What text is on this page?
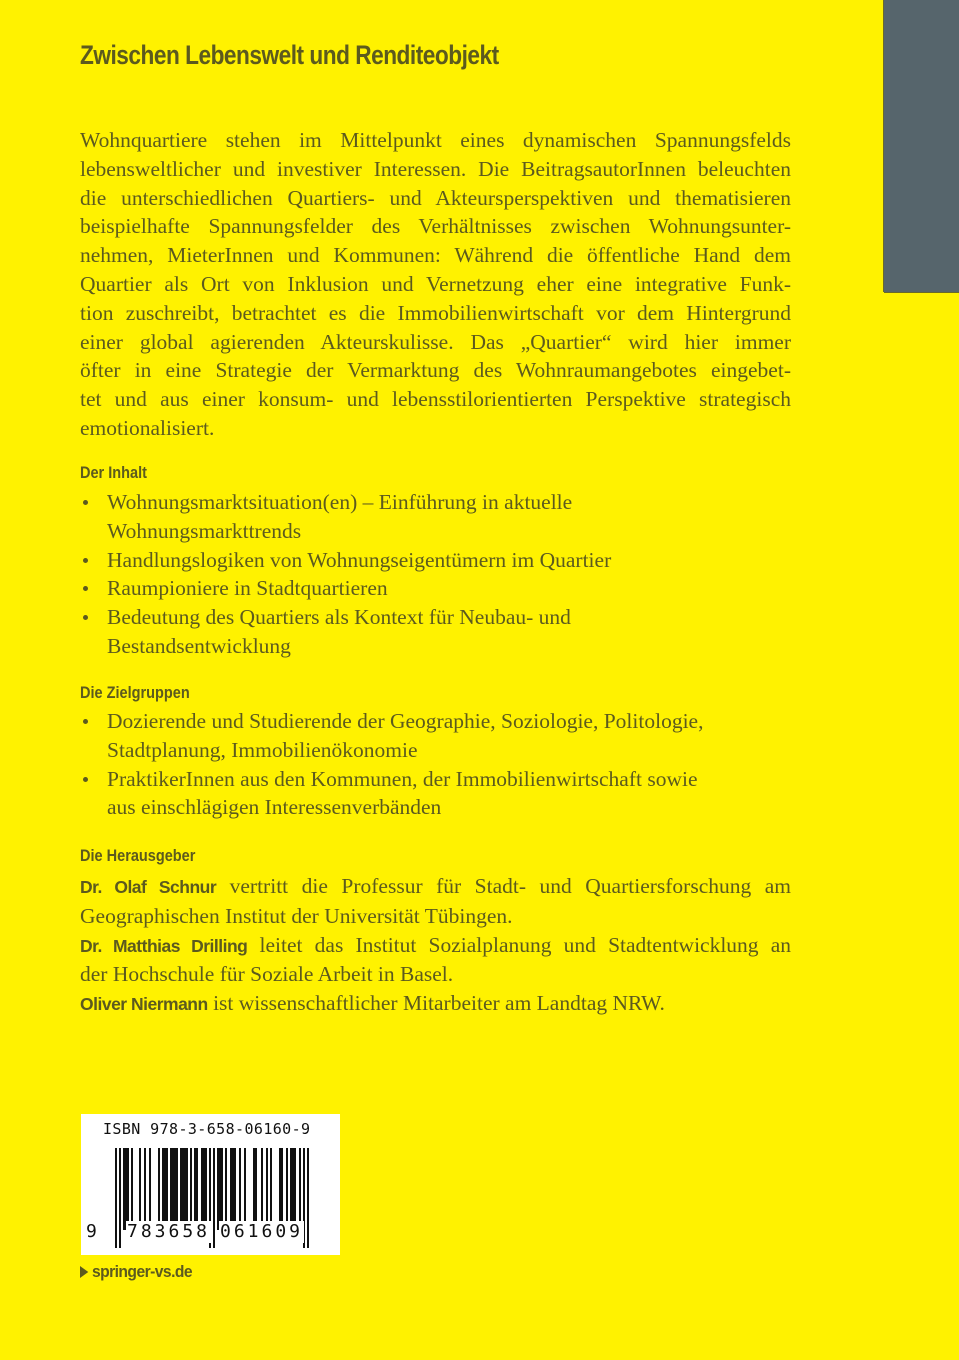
Zwischen Lebenswelt und Renditeobjekt
Wohnquartiere stehen im Mittelpunkt eines dynamischen Spannungsfelds
lebensweltlicher und investiver Interessen. Die BeitragsautorInnen beleuchten
die unterschiedlichen Quartiers- und Akteursperspektiven und thematisieren
beispielhafte Spannungsfelder des Verhältnisses zwischen Wohnungsunter-
nehmen, MieterInnen und Kommunen: Während die öffentliche Hand dem
Quartier als Ort von Inklusion und Vernetzung eher eine integrative Funk-
tion zuschreibt, betrachtet es die Immobilienwirtschaft vor dem Hintergrund
einer global agierenden Akteurskulisse. Das „Quartier“ wird hier immer
öfter in eine Strategie der Vermarktung des Wohnraumangebotes eingebet-
tet und aus einer konsum- und lebensstilorientierten Perspektive strategisch
emotionalisiert.
Der Inhalt
Wohnungsmarktsituation(en) – Einführung in aktuelle
Wohnungsmarkttrends
Handlungslogiken von Wohnungseigentümern im Quartier
Raumpioniere in Stadtquartieren
Bedeutung des Quartiers als Kontext für Neubau- und
Bestandsentwicklung
Die Zielgruppen
Dozierende und Studierende der Geographie, Soziologie, Politologie,
Stadtplanung, Immobilienökonomie
PraktikerInnen aus den Kommunen, der Immobilienwirtschaft sowie
aus einschlägigen Interessenverbänden
Die Herausgeber
Dr. Olaf Schnur vertritt die Professur für Stadt- und Quartiersforschung am
Geographischen Institut der Universität Tübingen.
Dr. Matthias Drilling leitet das Institut Sozialplanung und Stadtentwicklung an
der Hochschule für Soziale Arbeit in Basel.
Oliver Niermann ist wissenschaftlicher Mitarbeiter am Landtag NRW.
ISBN 978-3-658-06160-9
9 783658 061609
springer-vs.de
